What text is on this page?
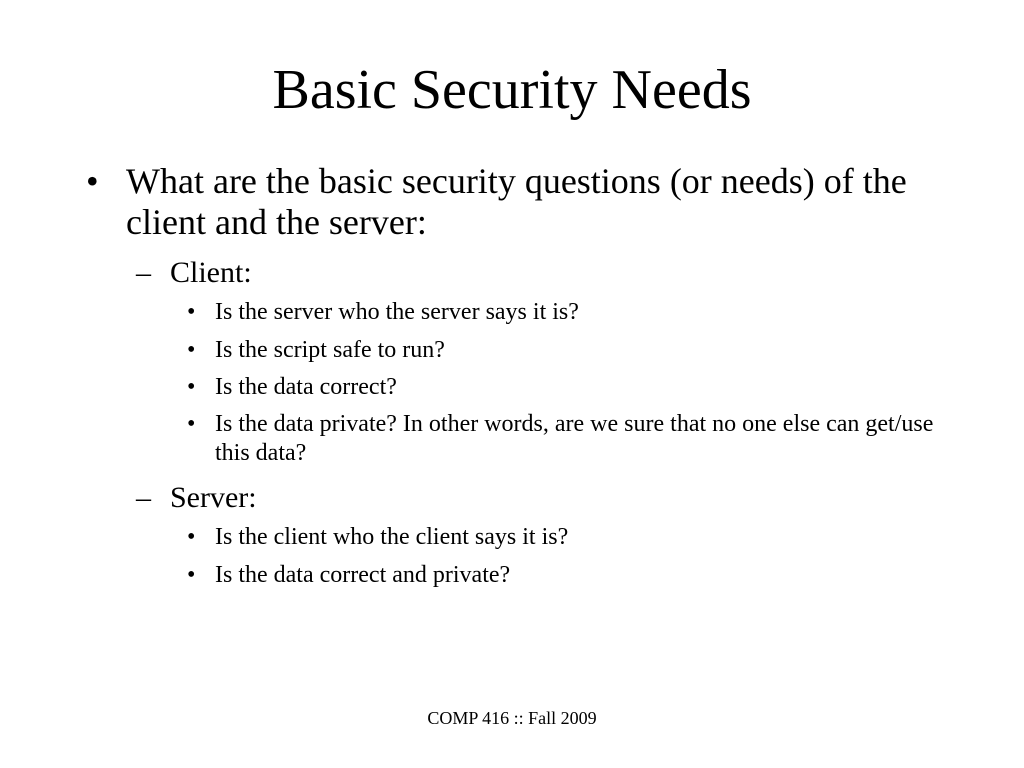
Basic Security Needs
• What are the basic security questions (or needs) of the client and the server:
– Client:
• Is the server who the server says it is?
• Is the script safe to run?
• Is the data correct?
• Is the data private? In other words, are we sure that no one else can get/use this data?
– Server:
• Is the client who the client says it is?
• Is the data correct and private?
COMP 416 :: Fall 2009
